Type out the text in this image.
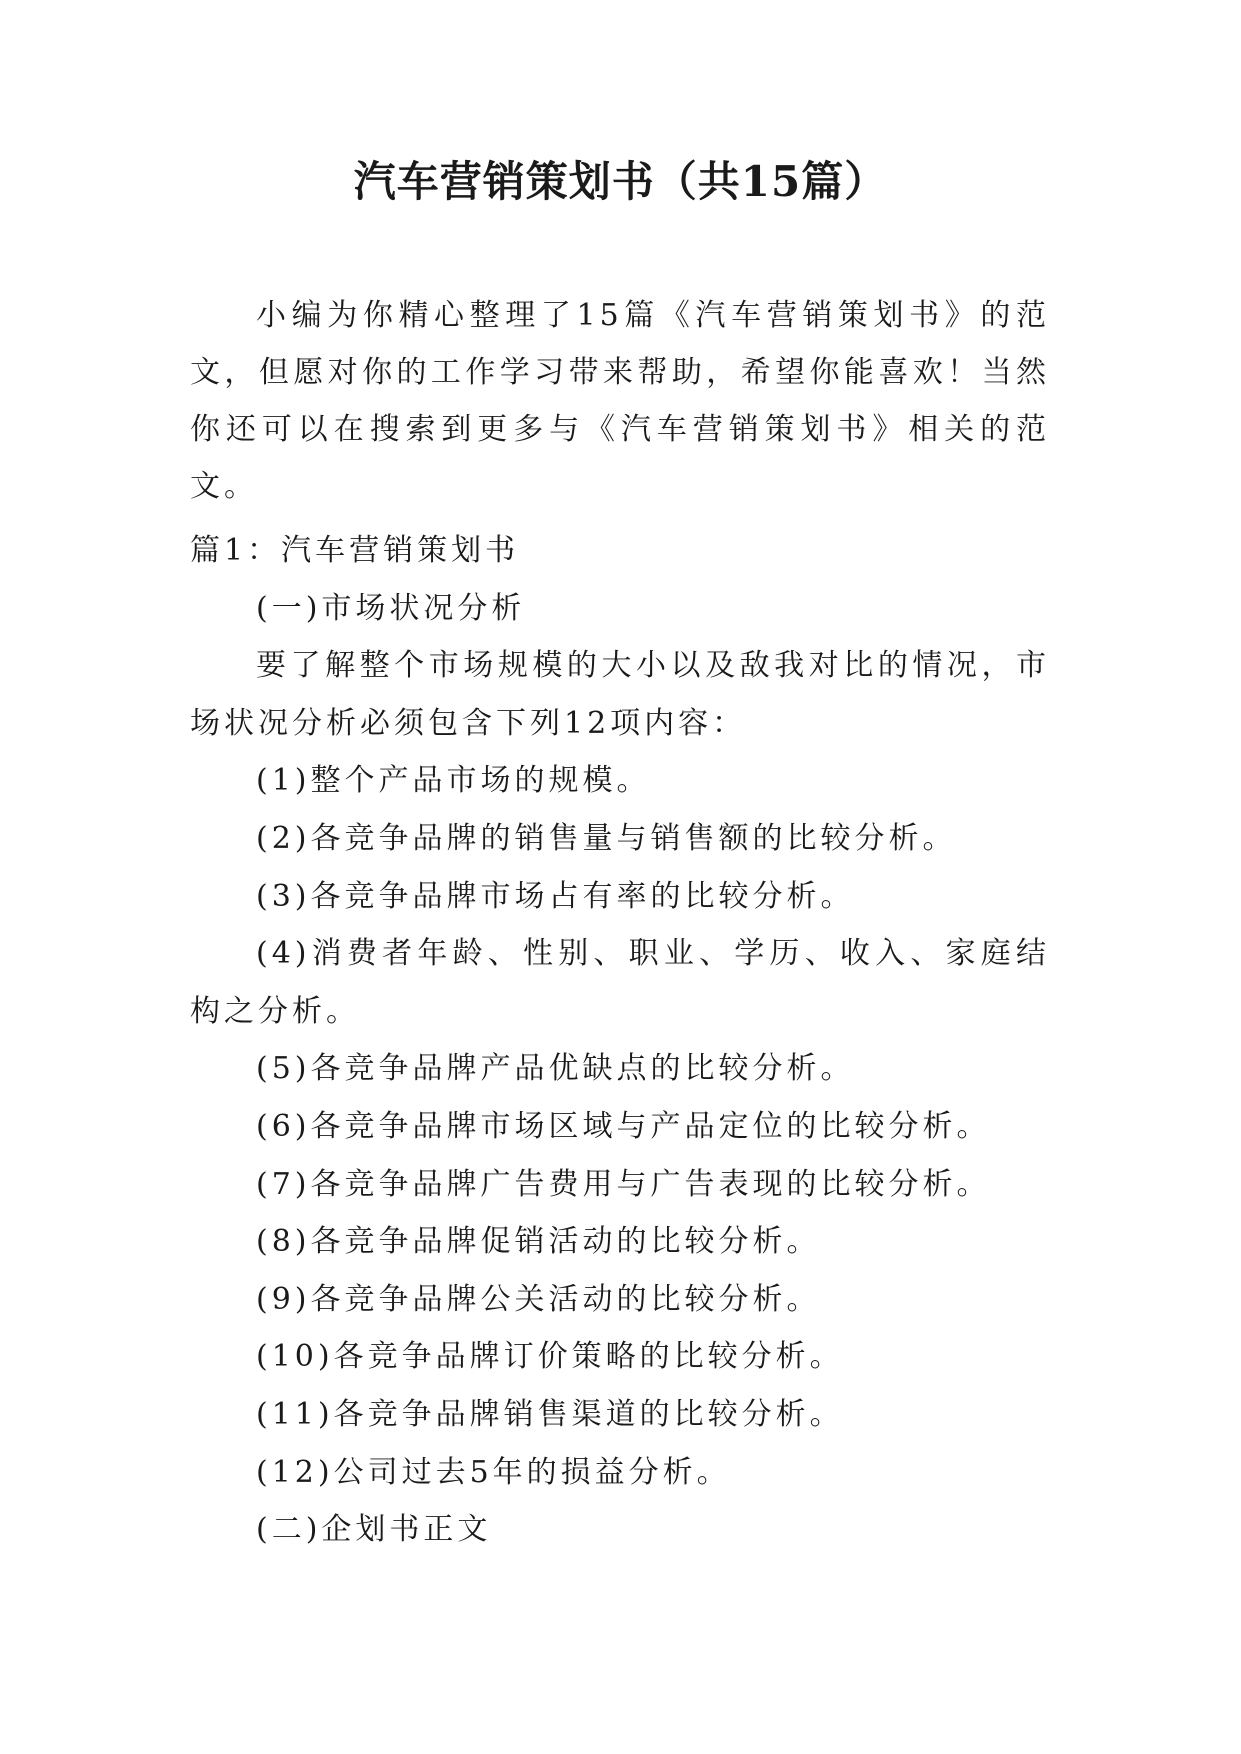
汽车营销策划书（共15篇）

小编为你精心整理了15篇《汽车营销策划书》的范文，但愿对你的工作学习带来帮助，希望你能喜欢！当然你还可以在搜索到更多与《汽车营销策划书》相关的范文。

篇1：汽车营销策划书

(一)市场状况分析

要了解整个市场规模的大小以及敌我对比的情况，市场状况分析必须包含下列12项内容：

(1)整个产品市场的规模。

(2)各竞争品牌的销售量与销售额的比较分析。

(3)各竞争品牌市场占有率的比较分析。

(4)消费者年龄、性别、职业、学历、收入、家庭结构之分析。

(5)各竞争品牌产品优缺点的比较分析。

(6)各竞争品牌市场区域与产品定位的比较分析。

(7)各竞争品牌广告费用与广告表现的比较分析。

(8)各竞争品牌促销活动的比较分析。

(9)各竞争品牌公关活动的比较分析。

(10)各竞争品牌订价策略的比较分析。

(11)各竞争品牌销售渠道的比较分析。

(12)公司过去5年的损益分析。

(二)企划书正文
